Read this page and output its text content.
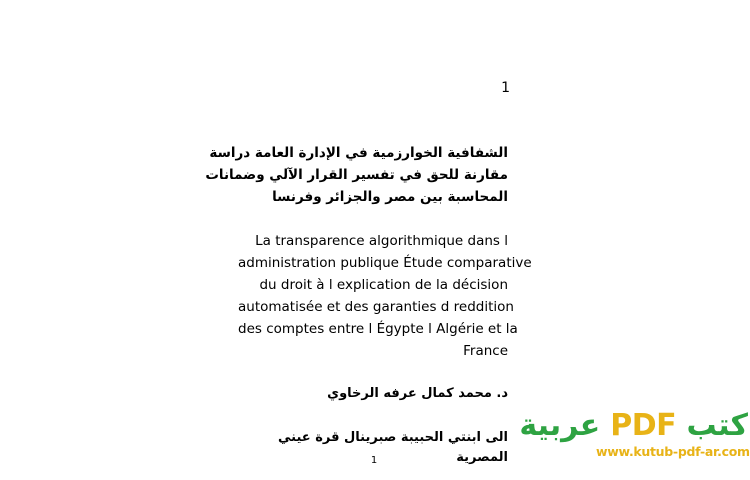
1
الشفافية الخوارزمية في الإدارة العامة دراسة
مقارنة للحق في تفسير القرار الآلي وضمانات
المحاسبة بين مصر والجزائر وفرنسا
La transparence algorithmique dans l
administration publique Étude comparative
du droit à l explication de la décision
automatisée et des garanties d reddition
des comptes entre l Égypte l Algérie et la
France
د. محمد كمال عرفه الرخاوي
الى ابنتي الحبيبة صبرينال قرة عيني المصرية
1
كتب PDF عربية
www.kutub-pdf-ar.com
